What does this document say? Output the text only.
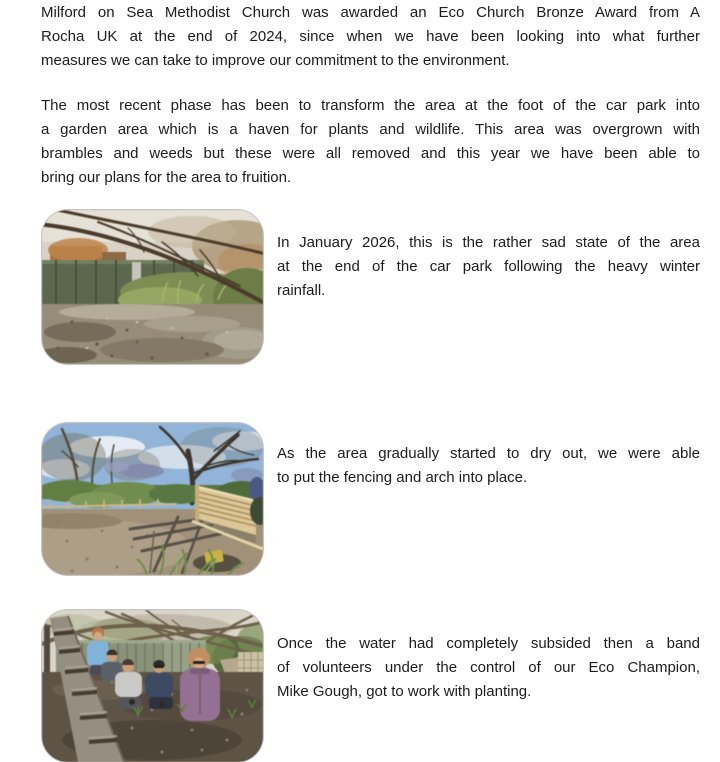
Milford on Sea Methodist Church was awarded an Eco Church Bronze Award from A
Rocha UK at the end of 2024, since when we have been looking into what further
measures we can take to improve our commitment to the environment.
The most recent phase has been to transform the area at the foot of the car park into
a garden area which is a haven for plants and wildlife. This area was overgrown with
brambles and weeds but these were all removed and this year we have been able to
bring our plans for the area to fruition.
In January 2026, this is the rather sad state of the area
at the end of the car park following the heavy winter
rainfall.
As the area gradually started to dry out, we were able
to put the fencing and arch into place.
Once the water had completely subsided then a band
of volunteers under the control of our Eco Champion,
Mike Gough, got to work with planting.
